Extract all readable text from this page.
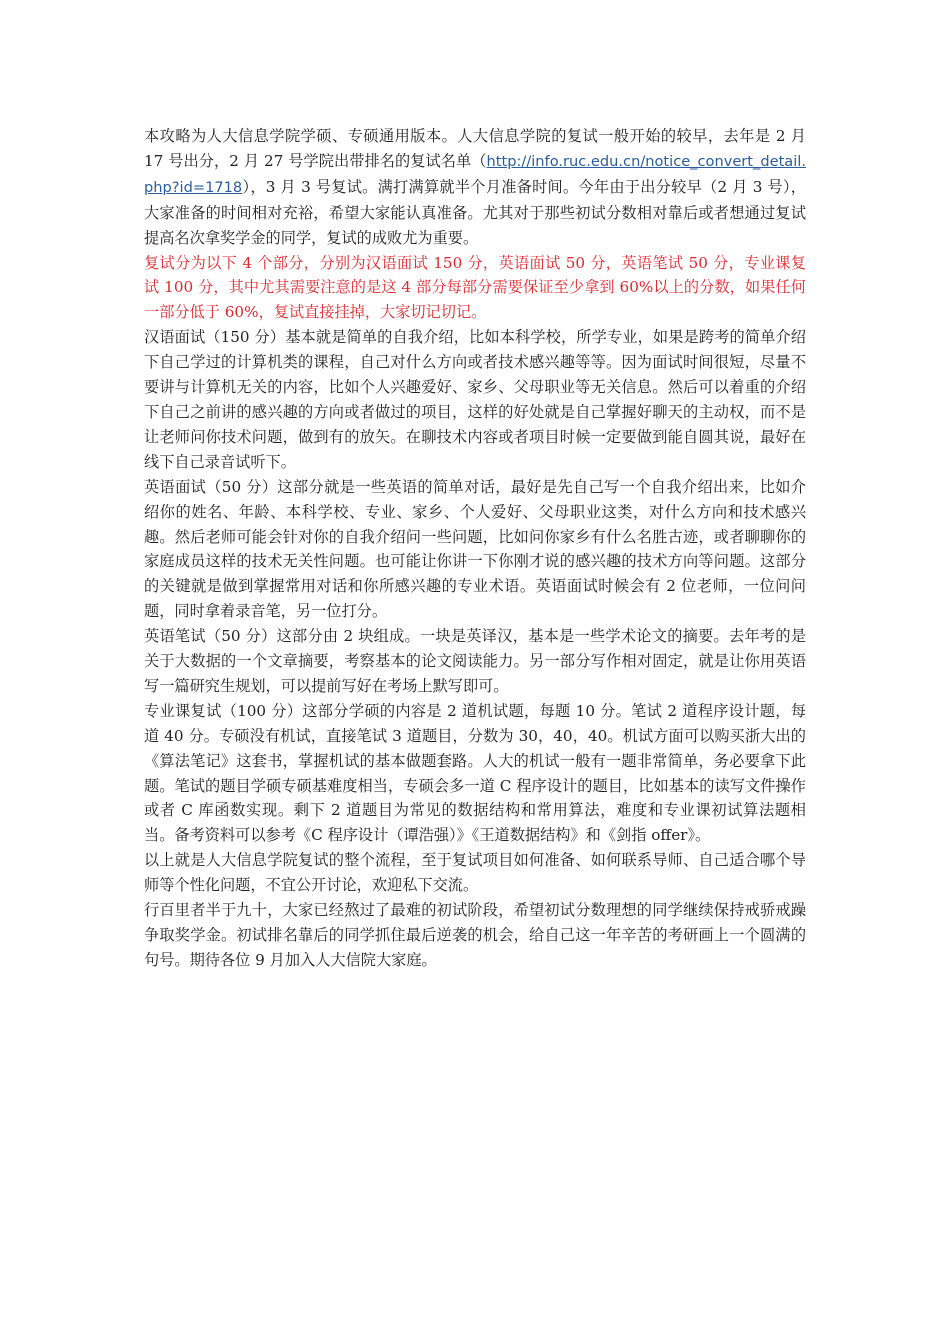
本攻略为人大信息学院学硕、专硕通用版本。人大信息学院的复试一般开始的较早，去年是 2 月 17 号出分，2 月 27 号学院出带排名的复试名单（http://info.ruc.edu.cn/notice_convert_detail.php?id=1718），3 月 3 号复试。满打满算就半个月准备时间。今年由于出分较早（2 月 3 号），大家准备的时间相对充裕，希望大家能认真准备。尤其对于那些初试分数相对靠后或者想通过复试提高名次拿奖学金的同学，复试的成败尤为重要。

复试分为以下 4 个部分，分别为汉语面试 150 分，英语面试 50 分，英语笔试 50 分，专业课复试 100 分，其中尤其需要注意的是这 4 部分每部分需要保证至少拿到 60%以上的分数，如果任何一部分低于 60%，复试直接挂掉，大家切记切记。

汉语面试（150 分）基本就是简单的自我介绍，比如本科学校，所学专业，如果是跨考的简单介绍下自己学过的计算机类的课程，自己对什么方向或者技术感兴趣等等。因为面试时间很短，尽量不要讲与计算机无关的内容，比如个人兴趣爱好、家乡、父母职业等无关信息。然后可以着重的介绍下自己之前讲的感兴趣的方向或者做过的项目，这样的好处就是自己掌握好聊天的主动权，而不是让老师问你技术问题，做到有的放矢。在聊技术内容或者项目时候一定要做到能自圆其说，最好在线下自己录音试听下。

英语面试（50 分）这部分就是一些英语的简单对话，最好是先自己写一个自我介绍出来，比如介绍你的姓名、年龄、本科学校、专业、家乡、个人爱好、父母职业这类，对什么方向和技术感兴趣。然后老师可能会针对你的自我介绍问一些问题，比如问你家乡有什么名胜古迹，或者聊聊你的家庭成员这样的技术无关性问题。也可能让你讲一下你刚才说的感兴趣的技术方向等问题。这部分的关键就是做到掌握常用对话和你所感兴趣的专业术语。英语面试时候会有 2 位老师，一位问问题，同时拿着录音笔，另一位打分。

英语笔试（50 分）这部分由 2 块组成。一块是英译汉，基本是一些学术论文的摘要。去年考的是关于大数据的一个文章摘要，考察基本的论文阅读能力。另一部分写作相对固定，就是让你用英语写一篇研究生规划，可以提前写好在考场上默写即可。

专业课复试（100 分）这部分学硕的内容是 2 道机试题，每题 10 分。笔试 2 道程序设计题，每道 40 分。专硕没有机试，直接笔试 3 道题目，分数为 30，40，40。机试方面可以购买浙大出的《算法笔记》这套书，掌握机试的基本做题套路。人大的机试一般有一题非常简单，务必要拿下此题。笔试的题目学硕专硕基难度相当，专硕会多一道 C 程序设计的题目，比如基本的读写文件操作或者 C 库函数实现。剩下 2 道题目为常见的数据结构和常用算法，难度和专业课初试算法题相当。备考资料可以参考《C 程序设计（谭浩强）》《王道数据结构》和《剑指 offer》。

以上就是人大信息学院复试的整个流程，至于复试项目如何准备、如何联系导师、自己适合哪个导师等个性化问题，不宜公开讨论，欢迎私下交流。

行百里者半于九十，大家已经熬过了最难的初试阶段，希望初试分数理想的同学继续保持戒骄戒躁争取奖学金。初试排名靠后的同学抓住最后逆袭的机会，给自己这一年辛苦的考研画上一个圆满的句号。期待各位 9 月加入人大信院大家庭。
